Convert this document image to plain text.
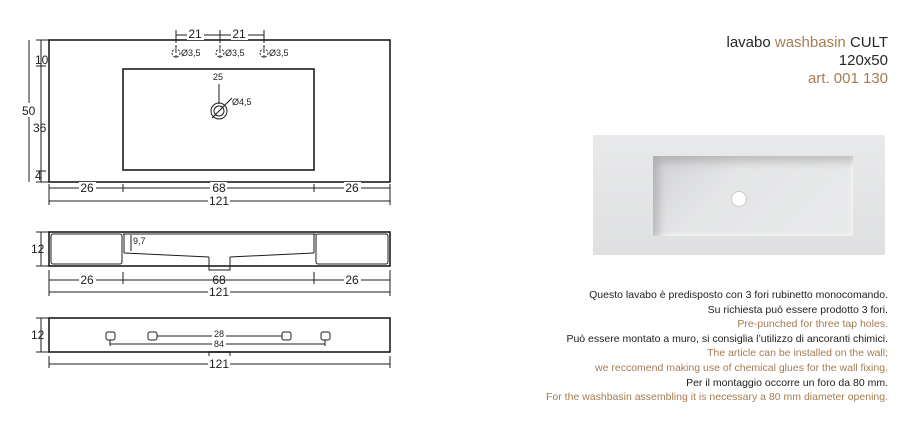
21	21
Ø3,5	Ø3,5	Ø3,5
25
Ø4,5
10
50
36
4
26	68	26
121
9,7
12
26	68	26
121
28
84
12
121
lavabo washbasin CULT
120x50
art. 001 130
Questo lavabo è predisposto con 3 fori rubinetto monocomando.
Su richiesta può essere prodotto 3 fori.
Pre-punched for three tap holes.
Può essere montato a muro, si consiglia l’utilizzo di ancoranti chimici.
The article can be installed on the wall;
we reccomend making use of chemical glues for the wall fixing.
Per il montaggio occorre un foro da 80 mm.
For the washbasin assembling it is necessary a 80 mm diameter opening.
